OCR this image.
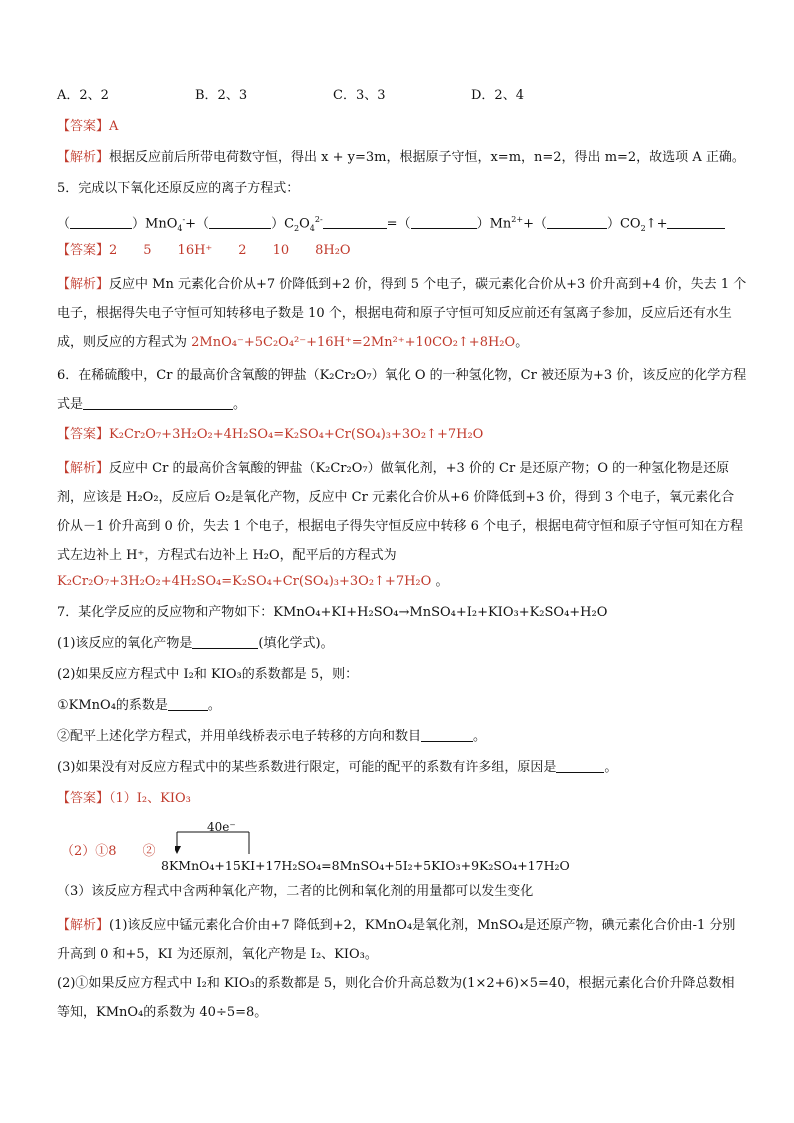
A．2、2	B．2、3	C．3、3	D．2、4
【答案】A
【解析】根据反应前后所带电荷数守恒，得出 x + y=3m，根据原子守恒，x=m，n=2，得出 m=2，故选项 A 正确。
5．完成以下氧化还原反应的离子方程式：
（	）MnO$_4$-+（	）$C_2O_4^{2-}$	=（	）$Mn^{2+}+$（	）$CO_2↑+$
【答案】2　　5　　16H⁺　　2　　10　　8H₂O
【解析】反应中 Mn 元素化合价从+7 价降低到+2 价，得到 5 个电子，碳元素化合价从+3 价升高到+4 价，失去 1 个电子，根据得失电子守恒可知转移电子数是 10 个，根据电荷和原子守恒可知反应前还有氢离子参加，反应后还有水生成，则反应的方程式为 2MnO₄⁻+5C₂O₄²⁻+16H⁺=2Mn²⁺+10CO₂↑+8H₂O。
6．在稀硫酸中，Cr 的最高价含氧酸的钾盐（K₂Cr₂O₇）氧化 O 的一种氢化物，Cr 被还原为+3 价，该反应的化学方程式是	。
【答案】K₂Cr₂O₇+3H₂O₂+4H₂SO₄=K₂SO₄+Cr(SO₄)₃+3O₂↑+7H₂O
【解析】反应中 Cr 的最高价含氧酸的钾盐（K₂Cr₂O₇）做氧化剂，+3 价的 Cr 是还原产物；O 的一种氢化物是还原剂，应该是 H₂O₂，反应后 O₂是氧化产物，反应中 Cr 元素化合价从+6 价降低到+3 价，得到 3 个电子，氧元素化合价从－1 价升高到 0 价，失去 1 个电子，根据电子得失守恒反应中转移 6 个电子，根据电荷守恒和原子守恒可知在方程式左边补上 H⁺，方程式右边补上 H₂O，配平后的方程式为
K₂Cr₂O₇+3H₂O₂+4H₂SO₄=K₂SO₄+Cr(SO₄)₃+3O₂↑+7H₂O 。
7．某化学反应的反应物和产物如下：KMnO₄+KI+H₂SO₄→MnSO₄+I₂+KIO₃+K₂SO₄+H₂O
(1)该反应的氧化产物是	(填化学式)。
(2)如果反应方程式中 I₂和 KIO₃的系数都是 5，则：
①KMnO₄的系数是	。
②配平上述化学方程式，并用单线桥表示电子转移的方向和数目	。
(3)如果没有对反应方程式中的某些系数进行限定，可能的配平的系数有许多组，原因是	。
【答案】（1）I₂、KIO₃
（2）①8　　②
40e⁻
8KMnO₄+15KI+17H₂SO₄=8MnSO₄+5I₂+5KIO₃+9K₂SO₄+17H₂O
（3）该反应方程式中含两种氧化产物，二者的比例和氧化剂的用量都可以发生变化
【解析】(1)该反应中锰元素化合价由+7 降低到+2，KMnO₄是氧化剂，MnSO₄是还原产物，碘元素化合价由-1 分别升高到 0 和+5，KI 为还原剂，氧化产物是 I₂、KIO₃。
(2)①如果反应方程式中 I₂和 KIO₃的系数都是 5，则化合价升高总数为(1×2+6)×5=40，根据元素化合价升降总数相等知，KMnO₄的系数为 40÷5=8。
